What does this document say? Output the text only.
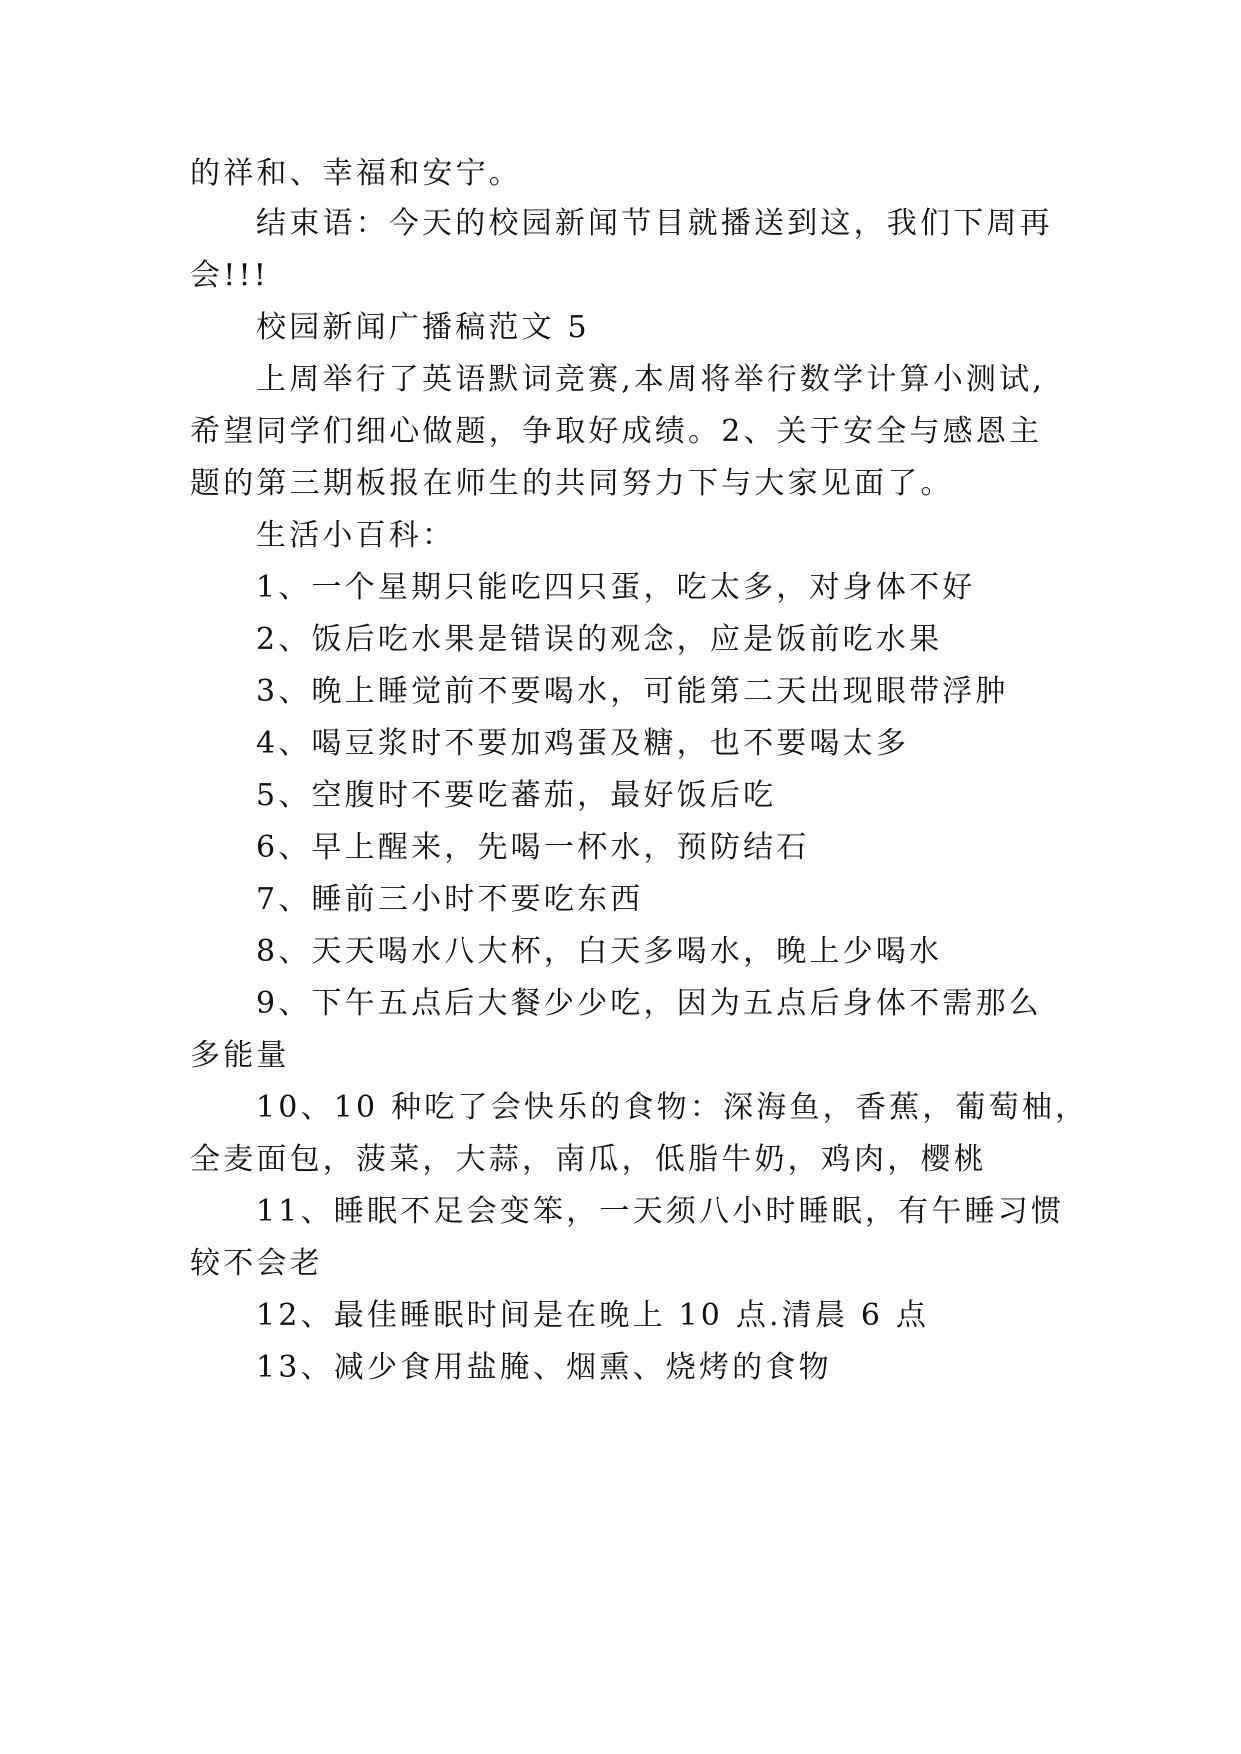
的祥和、幸福和安宁。
结束语：今天的校园新闻节目就播送到这，我们下周再
会!!!
校园新闻广播稿范文 5
上周举行了英语默词竞赛,本周将举行数学计算小测试,
希望同学们细心做题，争取好成绩。2、关于安全与感恩主
题的第三期板报在师生的共同努力下与大家见面了。
生活小百科：
1、一个星期只能吃四只蛋，吃太多，对身体不好
2、饭后吃水果是错误的观念，应是饭前吃水果
3、晚上睡觉前不要喝水，可能第二天出现眼带浮肿
4、喝豆浆时不要加鸡蛋及糖，也不要喝太多
5、空腹时不要吃蕃茄，最好饭后吃
6、早上醒来，先喝一杯水，预防结石
7、睡前三小时不要吃东西
8、天天喝水八大杯，白天多喝水，晚上少喝水
9、下午五点后大餐少少吃，因为五点后身体不需那么
多能量
10、10 种吃了会快乐的食物：深海鱼，香蕉，葡萄柚，
全麦面包，菠菜，大蒜，南瓜，低脂牛奶，鸡肉，樱桃
11、睡眠不足会变笨，一天须八小时睡眠，有午睡习惯
较不会老
12、最佳睡眠时间是在晚上 10 点.清晨 6 点
13、减少食用盐腌、烟熏、烧烤的食物
